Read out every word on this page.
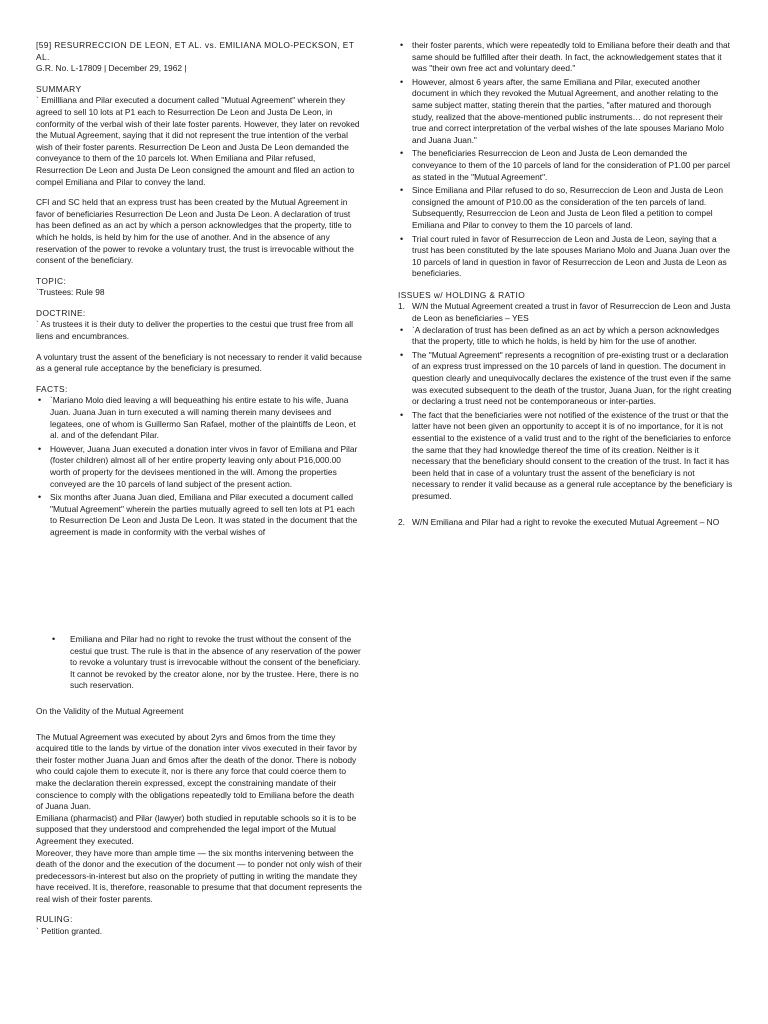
[59] RESURRECCION DE LEON, ET AL. vs. EMILIANA MOLO-PECKSON, ET AL.

G.R. No. L-17809 | December 29, 1962 |

SUMMARY

` Emillliana and Pilar executed a document called "Mutual Agreement" wherein they agreed to sell 10 lots at P1 each to Resurrection De Leon and Justa De Leon, in conformity of the verbal wish of their late foster parents. However, they later on revoked the Mutual Agreement, saying that it did not represent the true intention of the verbal wish of their foster parents. Resurrection De Leon and Justa De Leon demanded the conveyance to them of the 10 parcels lot. When Emiliana and Pilar refused, Resurrection De Leon and Justa De Leon consigned the amount and filed an action to compel Emiliana and Pilar to convey the land.

CFI and SC held that an express trust has been created by the Mutual Agreement in favor of beneficiaries Resurrection De Leon and Justa De Leon. A declaration of trust has been defined as an act by which a person acknowledges that the property, title to which he holds, is held by him for the use of another. And in the absence of any reservation of the power to revoke a voluntary trust, the trust is irrevocable without the consent of the beneficiary.

TOPIC:

`Trustees: Rule 98

DOCTRINE:

` As trustees it is their duty to deliver the properties to the cestui que trust free from all liens and encumbrances.

A voluntary trust the assent of the beneficiary is not necessary to render it valid because as a general rule acceptance by the beneficiary is presumed.

FACTS:

• `Mariano Molo died leaving a will bequeathing his entire estate to his wife, Juana Juan. Juana Juan in turn executed a will naming therein many devisees and legatees, one of whom is Guillermo San Rafael, mother of the plaintiffs de Leon, et al. and of the defendant Pilar.
• However, Juana Juan executed a donation inter vivos in favor of Emiliana and Pilar (foster children) almost all of her entire property leaving only about P16,000.00 worth of property for the devisees mentioned in the will. Among the properties conveyed are the 10 parcels of land subject of the present action.
• Six months after Juana Juan died, Emiliana and Pilar executed a document called "Mutual Agreement" wherein the parties mutually agreed to sell ten lots at P1 each to Resurrection De Leon and Justa De Leon. It was stated in the document that the agreement is made in conformity with the verbal wishes of
• their foster parents, which were repeatedly told to Emiliana before their death and that same should be fulfilled after their death. In fact, the acknowledgement states that it was "their own free act and voluntary deed."
• However, almost 6 years after, the same Emiliana and Pilar, executed another document in which they revoked the Mutual Agreement, and another relating to the same subject matter, stating therein that the parties, "after matured and thorough study, realized that the above-mentioned public instruments… do not represent their true and correct interpretation of the verbal wishes of the late spouses Mariano Molo and Juana Juan."
• The beneficiaries Resurreccion de Leon and Justa de Leon demanded the conveyance to them of the 10 parcels of land for the consideration of P1.00 per parcel as stated in the "Mutual Agreement".
• Since Emiliana and Pilar refused to do so, Resurreccion de Leon and Justa de Leon consigned the amount of P10.00 as the consideration of the ten parcels of land. Subsequently, Resurreccion de Leon and Justa de Leon filed a petition to compel Emiliana and Pilar to convey to them the 10 parcels of land.
• Trial court ruled in favor of Resurreccion de Leon and Justa de Leon, saying that a trust has been constituted by the late spouses Mariano Molo and Juana Juan over the 10 parcels of land in question in favor of Resurreccion de Leon and Justa de Leon as beneficiaries.

ISSUES w/ HOLDING & RATIO

1. W/N the Mutual Agreement created a trust in favor of Resurreccion de Leon and Justa de Leon as beneficiaries – YES
• `A declaration of trust has been defined as an act by which a person acknowledges that the property, title to which he holds, is held by him for the use of another.
• The "Mutual Agreement" represents a recognition of pre-existing trust or a declaration of an express trust impressed on the 10 parcels of land in question. The document in question clearly and unequivocally declares the existence of the trust even if the same was executed subsequent to the death of the trustor, Juana Juan, for the right creating or declaring a trust need not be contemporaneous or inter-parties.
• The fact that the beneficiaries were not notified of the existence of the trust or that the latter have not been given an opportunity to accept it is of no importance, for it is not essential to the existence of a valid trust and to the right of the beneficiaries to enforce the same that they had knowledge thereof the time of its creation. Neither is it necessary that the beneficiary should consent to the creation of the trust. In fact it has been held that in case of a voluntary trust the assent of the beneficiary is not necessary to render it valid because as a general rule acceptance by the beneficiary is presumed.
2. W/N Emiliana and Pilar had a right to revoke the executed Mutual Agreement – NO

• Emiliana and Pilar had no right to revoke the trust without the consent of the cestui que trust. The rule is that in the absence of any reservation of the power to revoke a voluntary trust is irrevocable without the consent of the beneficiary. It cannot be revoked by the creator alone, nor by the trustee. Here, there is no such reservation.

On the Validity of the Mutual Agreement

The Mutual Agreement was executed by about 2yrs and 6mos from the time they acquired title to the lands by virtue of the donation inter vivos executed in their favor by their foster mother Juana Juan and 6mos after the death of the donor. There is nobody who could cajole them to execute it, nor is there any force that could coerce them to make the declaration therein expressed, except the constraining mandate of their conscience to comply with the obligations repeatedly told to Emiliana before the death of Juana Juan.

Emiliana (pharmacist) and Pilar (lawyer) both studied in reputable schools so it is to be supposed that they understood and comprehended the legal import of the Mutual Agreement they executed.

Moreover, they have more than ample time — the six months intervening between the death of the donor and the execution of the document — to ponder not only wish of their predecessors-in-interest but also on the propriety of putting in writing the mandate they have received. It is, therefore, reasonable to presume that that document represents the real wish of their foster parents.

RULING:

` Petition granted.
